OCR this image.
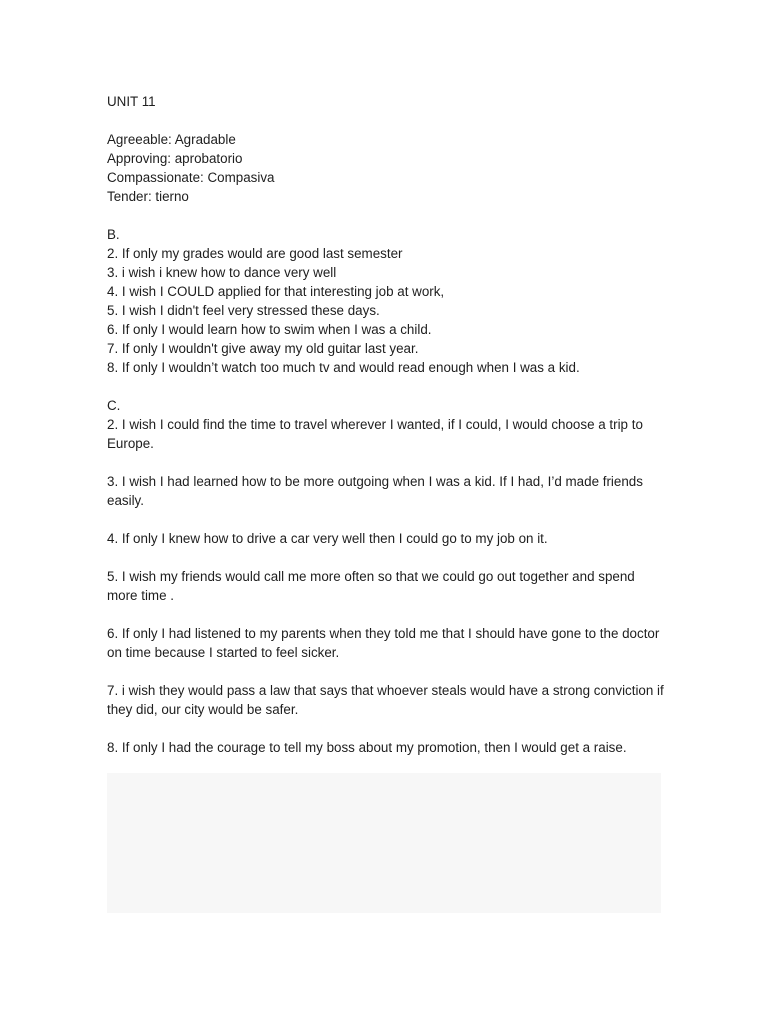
UNIT 11

Agreeable: Agradable

Approving: aprobatorio

Compassionate: Compasiva

Tender: tierno

B.

2. If only my grades would are good last semester

3. i wish i knew how to dance very well

4. I wish I COULD applied for that interesting job at work,

5. I wish I didn't feel very stressed these days.

6. If only I would learn how to swim when I was a child.

7. If only I wouldn't give away my old guitar last year.

8. If only I wouldn’t watch too much tv and would read enough when I was a kid.

C.

2. I wish I could find the time to travel wherever I wanted, if I could, I would choose a trip to Europe.

3. I wish I had learned how to be more outgoing when I was a kid. If I had, I’d made friends easily.

4. If only I knew how to drive a car very well then I could go to my job on it.

5. I wish my friends would call me more often so that we could go out together and spend more time .

6. If only I had listened to my parents when they told me that I should have gone to the doctor on time because I started to feel sicker.

7. i wish they would pass a law that says that whoever steals would have a strong conviction if they did, our city would be safer.

8. If only I had the courage to tell my boss about my promotion, then I would get a raise.
